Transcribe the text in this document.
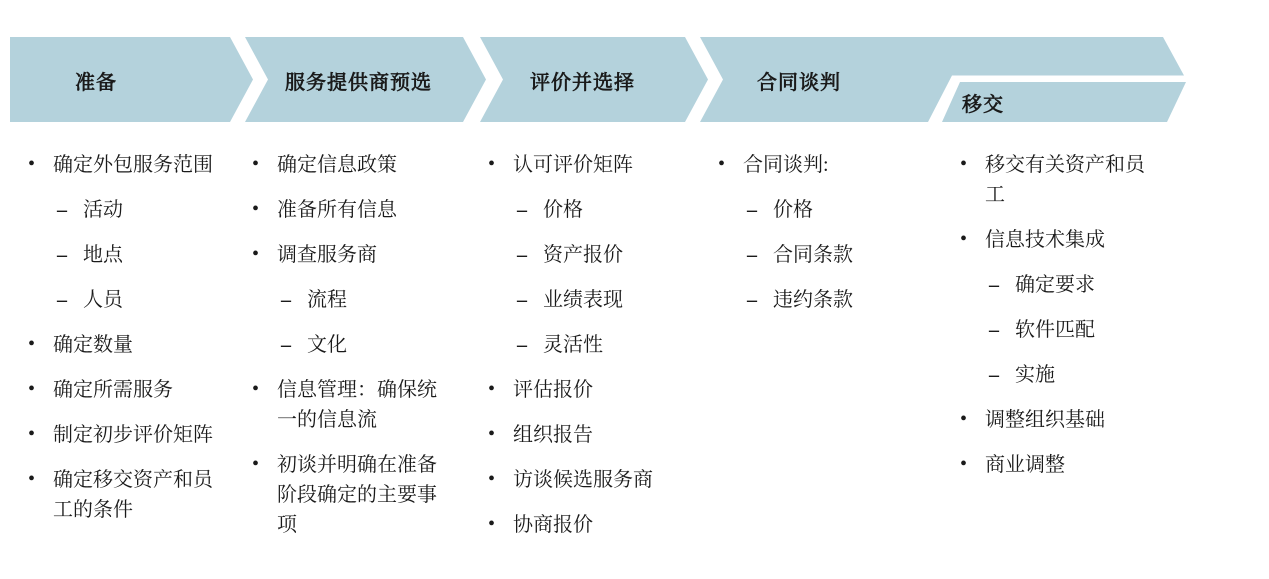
准备	服务提供商预选	评价并选择	合同谈判
移交
• 确定外包服务范围
– 活动
– 地点
– 人员
• 确定数量
• 确定所需服务
• 制定初步评价矩阵
• 确定移交资产和员工的条件
• 确定信息政策
• 准备所有信息
• 调查服务商
– 流程
– 文化
• 信息管理：确保统一的信息流
• 初谈并明确在准备阶段确定的主要事项
• 认可评价矩阵
– 价格
– 资产报价
– 业绩表现
– 灵活性
• 评估报价
• 组织报告
• 访谈候选服务商
• 协商报价
• 合同谈判:
– 价格
– 合同条款
– 违约条款
• 移交有关资产和员工
• 信息技术集成
– 确定要求
– 软件匹配
– 实施
• 调整组织基础
• 商业调整
